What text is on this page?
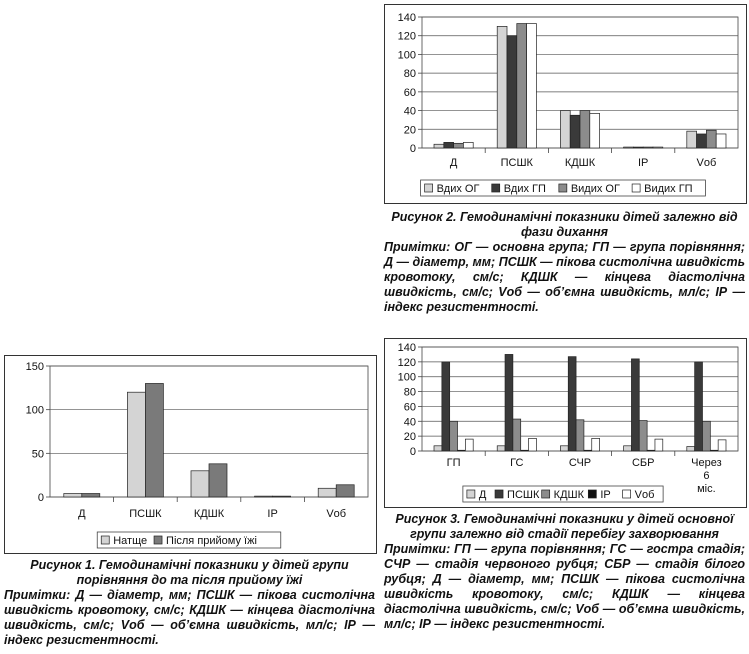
0
50
100
150
Д	ПСШК	КДШК	ІР	Vоб
Натще Після прийому їжі
0
20
40
60
80
100
120
140
Д	ПСШК	КДШК	ІР	Vоб
Вдих ОГ Вдих ГП Видих ОГ Видих ГП
0
20
40
60
80
100
120
140
ГП	ГС	СЧР	СБР	Через 6 міс.
Д ПСШК КДШК ІР Vоб
Рисунок 1. Гемодинамічні показники у дітей групи порівняння до та після прийому їжі
Примітки: Д — діаметр, мм; ПСШК — пікова систолічна швидкість кровотоку, см/с; КДШК — кінцева діастолічна швидкість, см/с; Vоб — об’ємна швидкість, мл/с; ІР — індекс резистентності.
Рисунок 2. Гемодинамічні показники дітей залежно від фази дихання
Примітки: ОГ — основна група; ГП — група порівняння; Д — діаметр, мм; ПСШК — пікова систолічна швидкість кровотоку, см/с; КДШК — кінцева діастолічна швидкість, см/с; Vоб — об’ємна швидкість, мл/с; ІР — індекс резистентності.
Рисунок 3. Гемодинамічні показники у дітей основної групи залежно від стадії перебігу захворювання
Примітки: ГП — група порівняння; ГС — гостра стадія; СЧР — стадія червоного рубця; СБР — стадія білого рубця; Д — діаметр, мм; ПСШК — пікова систолічна швидкість кровотоку, см/с; КДШК — кінцева діастолічна швидкість, см/с; Vоб — об’ємна швидкість, мл/с; ІР — індекс резистентності.
